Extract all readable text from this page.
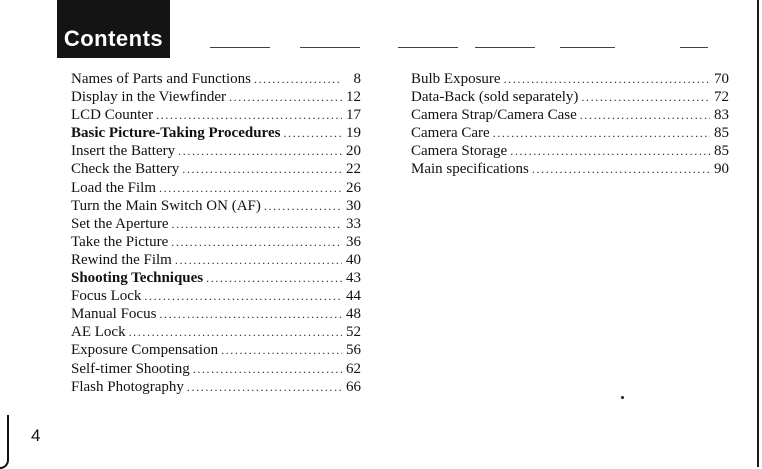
Contents
Names of Parts and Functions .....	8
Display in the Viewfinder .....	12
LCD Counter .....	17
Basic Picture-Taking Procedures .....	19
Insert the Battery .....	20
Check the Battery .....	22
Load the Film .....	26
Turn the Main Switch ON (AF) .....	30
Set the Aperture .....	33
Take the Picture .....	36
Rewind the Film .....	40
Shooting Techniques .....	43
Focus Lock .....	44
Manual Focus .....	48
AE Lock .....	52
Exposure Compensation .....	56
Self-timer Shooting .....	62
Flash Photography .....	66
Bulb Exposure .....	70
Data-Back (sold separately) .....	72
Camera Strap/Camera Case .....	83
Camera Care .....	85
Camera Storage .....	85
Main specifications .....	90
4
